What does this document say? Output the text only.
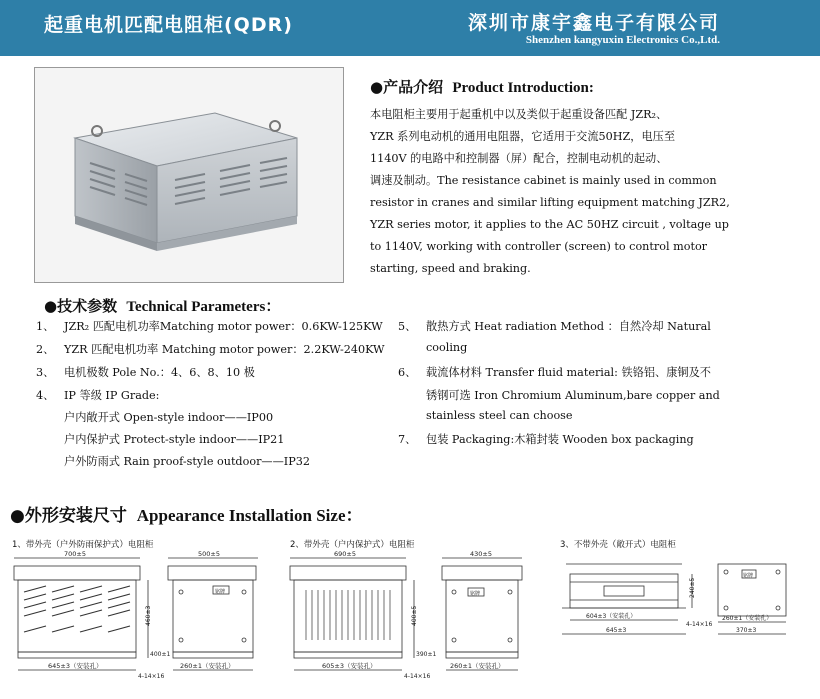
起重电机匹配电阻柜(QDR)	深圳市康宇鑫电子有限公司
Shenzhen kangyuxin Electronics Co.,Ltd.
●产品介绍 Product Introduction:
本电阻柜主要用于起重机中以及类似于起重设备匹配 JZR₂、
YZR 系列电动机的通用电阻器，它适用于交流50HZ，电压至
1140V 的电路中和控制器（屏）配合，控制电动机的起动、
调速及制动。The resistance cabinet is mainly used in common
resistor in cranes and similar lifting equipment matching JZR2,
YZR series motor, it applies to the AC 50HZ circuit , voltage up
to 1140V, working with controller (screen) to control motor
starting, speed and braking.
●技术参数 Technical Parameters：
1、 JZR₂ 匹配电机功率Matching motor power：0.6KW-125KW
2、 YZR 匹配电机功率 Matching motor power：2.2KW-240KW
3、 电机极数 Pole No.：4、6、8、10 极
4、 IP 等级 IP Grade:
户内敞开式 Open-style indoor——IP00
户内保护式 Protect-style indoor——IP21
户外防雨式 Rain proof-style outdoor——IP32
5、 散热方式 Heat radiation Method ：自然冷却 Natural
cooling
6、 载流体材料 Transfer fluid material: 铁铬铝、康铜及不
锈钢可选 Iron Chromium Aluminum,bare copper and
stainless steel can choose
7、 包装 Packaging:木箱封装 Wooden box packaging
●外形安装尺寸 Appearance Installation Size：
1、带外壳（户外防雨保护式）电阻柜	2、带外壳（户内保护式）电阻柜	3、不带外壳（敞开式）电阻柜
700±5
645±3（安装孔）
460±3
500±5
铭牌
260±1（安装孔）
4-14×16
400±1
690±5
605±3（安装孔）
400±5
430±5
铭牌
260±1（安装孔）
4-14×16
390±1
604±3（安装孔）
645±3
240±5
铭牌
260±1（安装孔）
370±3
4-14×16
